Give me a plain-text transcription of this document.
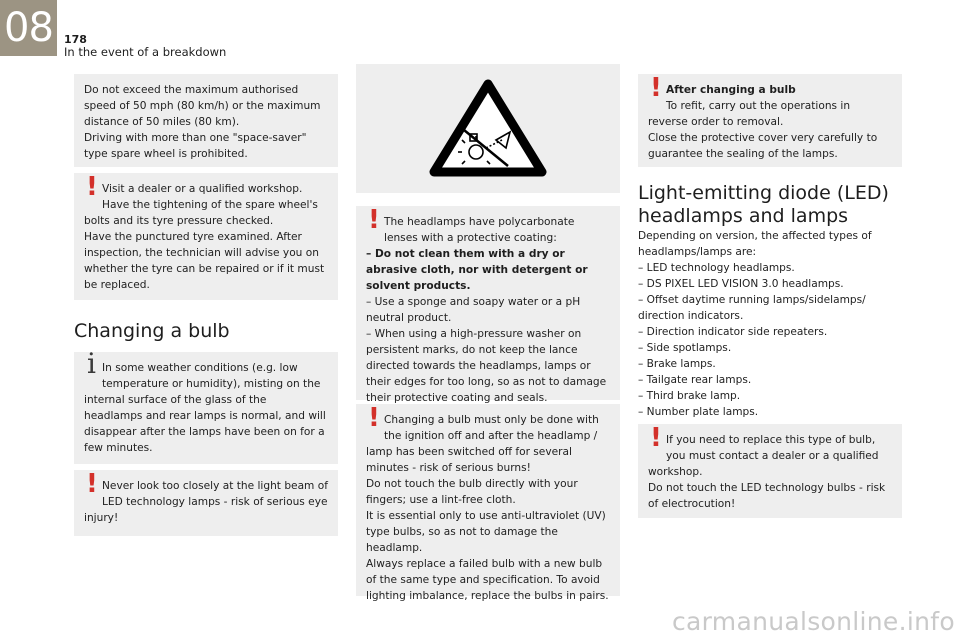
08	178
In the event of a breakdown

Do not exceed the maximum authorised speed of 50 mph (80 km/h) or the maximum distance of 50 miles (80 km).
Driving with more than one "space-saver" type spare wheel is prohibited.

!

Visit a dealer or a qualified workshop.
Have the tightening of the spare wheel's bolts and its tyre pressure checked.
Have the punctured tyre examined. After inspection, the technician will advise you on whether the tyre can be repaired or if it must be replaced.

Changing a bulb
i

In some weather conditions (e.g. low temperature or humidity), misting on the internal surface of the glass of the headlamps and rear lamps is normal, and will disappear after the lamps have been on for a few minutes.

!

Never look too closely at the light beam of LED technology lamps - risk of serious eye injury!

!

The headlamps have polycarbonate lenses with a protective coating:

– Do not clean them with a dry or abrasive cloth, nor with detergent or solvent products.

– Use a sponge and soapy water or a pH neutral product.
– When using a high-pressure washer on persistent marks, do not keep the lance directed towards the headlamps, lamps or their edges for too long, so as not to damage their protective coating and seals.

!

Changing a bulb must only be done with the ignition off and after the headlamp / lamp has been switched off for several minutes - risk of serious burns!
Do not touch the bulb directly with your fingers; use a lint-free cloth.
It is essential only to use anti-ultraviolet (UV) type bulbs, so as not to damage the headlamp.
Always replace a failed bulb with a new bulb of the same type and specification. To avoid lighting imbalance, replace the bulbs in pairs.

!

After changing a bulb

To refit, carry out the operations in reverse order to removal.
Close the protective cover very carefully to guarantee the sealing of the lamps.

Light-emitting diode (LED) headlamps and lamps
Depending on version, the affected types of headlamps/lamps are:
– LED technology headlamps.
– DS PIXEL LED VISION 3.0 headlamps.
– Offset daytime running lamps/sidelamps/ direction indicators.
– Direction indicator side repeaters.
– Side spotlamps.
– Brake lamps.
– Tailgate rear lamps.
– Third brake lamp.
– Number plate lamps.
!

If you need to replace this type of bulb, you must contact a dealer or a qualified workshop.
Do not touch the LED technology bulbs - risk of electrocution!

carmanualsonline.info
